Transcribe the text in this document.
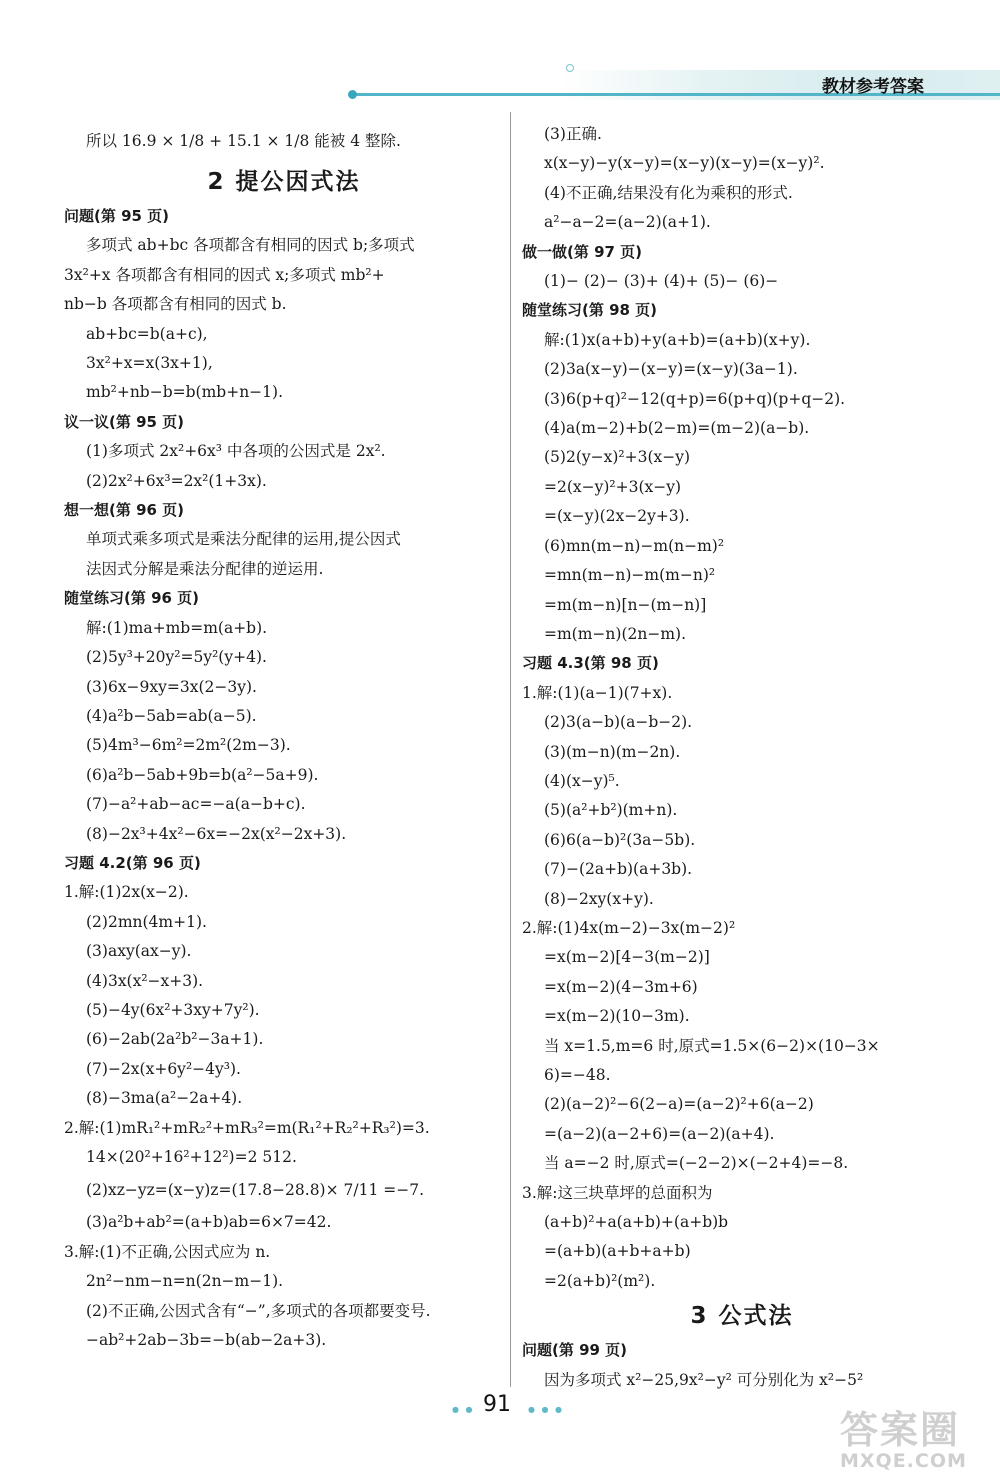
教材参考答案
所以 16.9 × 1/8 + 15.1 × 1/8 能被 4 整除.
2 提公因式法
问题(第 95 页)
多项式 ab+bc 各项都含有相同的因式 b;多项式
3x²+x 各项都含有相同的因式 x;多项式 mb²+
nb−b 各项都含有相同的因式 b.
ab+bc=b(a+c),
3x²+x=x(3x+1),
mb²+nb−b=b(mb+n−1).
议一议(第 95 页)
(1)多项式 2x²+6x³ 中各项的公因式是 2x².
(2)2x²+6x³=2x²(1+3x).
想一想(第 96 页)
单项式乘多项式是乘法分配律的运用,提公因式
法因式分解是乘法分配律的逆运用.
随堂练习(第 96 页)
解:(1)ma+mb=m(a+b).
(2)5y³+20y²=5y²(y+4).
(3)6x−9xy=3x(2−3y).
(4)a²b−5ab=ab(a−5).
(5)4m³−6m²=2m²(2m−3).
(6)a²b−5ab+9b=b(a²−5a+9).
(7)−a²+ab−ac=−a(a−b+c).
(8)−2x³+4x²−6x=−2x(x²−2x+3).
习题 4.2(第 96 页)
1.解:(1)2x(x−2).
(2)2mn(4m+1).
(3)axy(ax−y).
(4)3x(x²−x+3).
(5)−4y(6x²+3xy+7y²).
(6)−2ab(2a²b²−3a+1).
(7)−2x(x+6y²−4y³).
(8)−3ma(a²−2a+4).
2.解:(1)mR₁²+mR₂²+mR₃²=m(R₁²+R₂²+R₃²)=3.
14×(20²+16²+12²)=2 512.
(2)xz−yz=(x−y)z=(17.8−28.8)× 7/11 =−7.
(3)a²b+ab²=(a+b)ab=6×7=42.
3.解:(1)不正确,公因式应为 n.
2n²−nm−n=n(2n−m−1).
(2)不正确,公因式含有“−”,多项式的各项都要变号.
−ab²+2ab−3b=−b(ab−2a+3).
(3)正确.
x(x−y)−y(x−y)=(x−y)(x−y)=(x−y)².
(4)不正确,结果没有化为乘积的形式.
a²−a−2=(a−2)(a+1).
做一做(第 97 页)
(1)− (2)− (3)+ (4)+ (5)− (6)−
随堂练习(第 98 页)
解:(1)x(a+b)+y(a+b)=(a+b)(x+y).
(2)3a(x−y)−(x−y)=(x−y)(3a−1).
(3)6(p+q)²−12(q+p)=6(p+q)(p+q−2).
(4)a(m−2)+b(2−m)=(m−2)(a−b).
(5)2(y−x)²+3(x−y)
=2(x−y)²+3(x−y)
=(x−y)(2x−2y+3).
(6)mn(m−n)−m(n−m)²
=mn(m−n)−m(m−n)²
=m(m−n)[n−(m−n)]
=m(m−n)(2n−m).
习题 4.3(第 98 页)
1.解:(1)(a−1)(7+x).
(2)3(a−b)(a−b−2).
(3)(m−n)(m−2n).
(4)(x−y)⁵.
(5)(a²+b²)(m+n).
(6)6(a−b)²(3a−5b).
(7)−(2a+b)(a+3b).
(8)−2xy(x+y).
2.解:(1)4x(m−2)−3x(m−2)²
=x(m−2)[4−3(m−2)]
=x(m−2)(4−3m+6)
=x(m−2)(10−3m).
当 x=1.5,m=6 时,原式=1.5×(6−2)×(10−3×
6)=−48.
(2)(a−2)²−6(2−a)=(a−2)²+6(a−2)
=(a−2)(a−2+6)=(a−2)(a+4).
当 a=−2 时,原式=(−2−2)×(−2+4)=−8.
3.解:这三块草坪的总面积为
(a+b)²+a(a+b)+(a+b)b
=(a+b)(a+b+a+b)
=2(a+b)²(m²).
3 公式法
问题(第 99 页)
因为多项式 x²−25,9x²−y² 可分别化为 x²−5²
● ● 91 ● ● ●	答案圈
MXQE.COM
